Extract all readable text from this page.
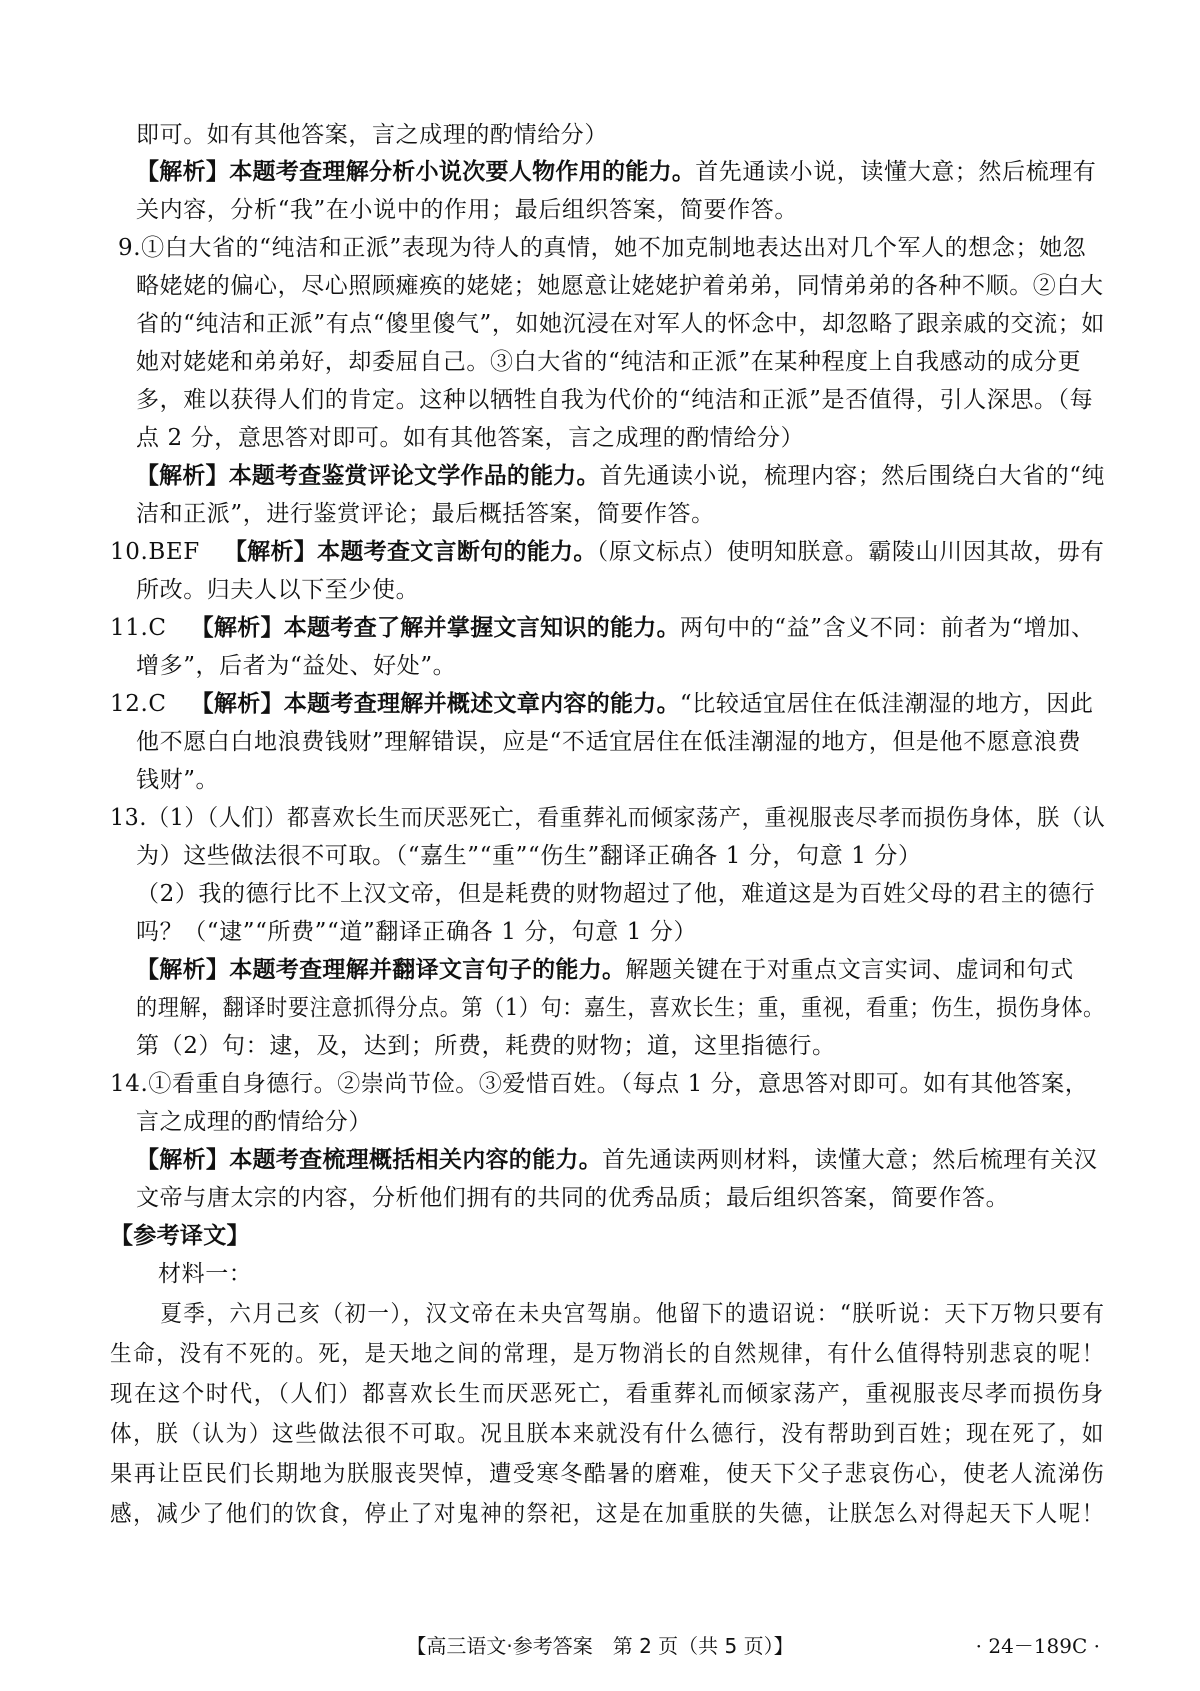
即可。如有其他答案，言之成理的酌情给分）
【解析】本题考查理解分析小说次要人物作用的能力。首先通读小说，读懂大意；然后梳理有
关内容，分析“我”在小说中的作用；最后组织答案，简要作答。
9.①白大省的“纯洁和正派”表现为待人的真情，她不加克制地表达出对几个军人的想念；她忽
略姥姥的偏心，尽心照顾瘫痪的姥姥；她愿意让姥姥护着弟弟，同情弟弟的各种不顺。②白大
省的“纯洁和正派”有点“傻里傻气”，如她沉浸在对军人的怀念中，却忽略了跟亲戚的交流；如
她对姥姥和弟弟好，却委屈自己。③白大省的“纯洁和正派”在某种程度上自我感动的成分更
多，难以获得人们的肯定。这种以牺牲自我为代价的“纯洁和正派”是否值得，引人深思。（每
点 2 分，意思答对即可。如有其他答案，言之成理的酌情给分）
【解析】本题考查鉴赏评论文学作品的能力。首先通读小说，梳理内容；然后围绕白大省的“纯
洁和正派”，进行鉴赏评论；最后概括答案，简要作答。
10.BEF 【解析】本题考查文言断句的能力。（原文标点）使明知朕意。霸陵山川因其故，毋有
所改。归夫人以下至少使。
11.C 【解析】本题考查了解并掌握文言知识的能力。两句中的“益”含义不同：前者为“增加、
增多”，后者为“益处、好处”。
12.C 【解析】本题考查理解并概述文章内容的能力。“比较适宜居住在低洼潮湿的地方，因此
他不愿白白地浪费钱财”理解错误，应是“不适宜居住在低洼潮湿的地方，但是他不愿意浪费
钱财”。
13.（1）（人们）都喜欢长生而厌恶死亡，看重葬礼而倾家荡产，重视服丧尽孝而损伤身体，朕（认
为）这些做法很不可取。（“嘉生”“重”“伤生”翻译正确各 1 分，句意 1 分）
（2）我的德行比不上汉文帝，但是耗费的财物超过了他，难道这是为百姓父母的君主的德行
吗？（“逮”“所费”“道”翻译正确各 1 分，句意 1 分）
【解析】本题考查理解并翻译文言句子的能力。解题关键在于对重点文言实词、虚词和句式
的理解，翻译时要注意抓得分点。第（1）句：嘉生，喜欢长生；重，重视，看重；伤生，损伤身体。
第（2）句：逮，及，达到；所费，耗费的财物；道，这里指德行。
14.①看重自身德行。②崇尚节俭。③爱惜百姓。（每点 1 分，意思答对即可。如有其他答案，
言之成理的酌情给分）
【解析】本题考查梳理概括相关内容的能力。首先通读两则材料，读懂大意；然后梳理有关汉
文帝与唐太宗的内容，分析他们拥有的共同的优秀品质；最后组织答案，简要作答。
【参考译文】
材料一：
夏季，六月己亥（初一），汉文帝在未央宫驾崩。他留下的遗诏说：“朕听说：天下万物只要有
生命，没有不死的。死，是天地之间的常理，是万物消长的自然规律，有什么值得特别悲哀的呢！
现在这个时代，（人们）都喜欢长生而厌恶死亡，看重葬礼而倾家荡产，重视服丧尽孝而损伤身
体，朕（认为）这些做法很不可取。况且朕本来就没有什么德行，没有帮助到百姓；现在死了，如
果再让臣民们长期地为朕服丧哭悼，遭受寒冬酷暑的磨难，使天下父子悲哀伤心，使老人流涕伤
感，减少了他们的饮食，停止了对鬼神的祭祀，这是在加重朕的失德，让朕怎么对得起天下人呢！
【高三语文·参考答案　第 2 页（共 5 页）】	· 24－189C ·
